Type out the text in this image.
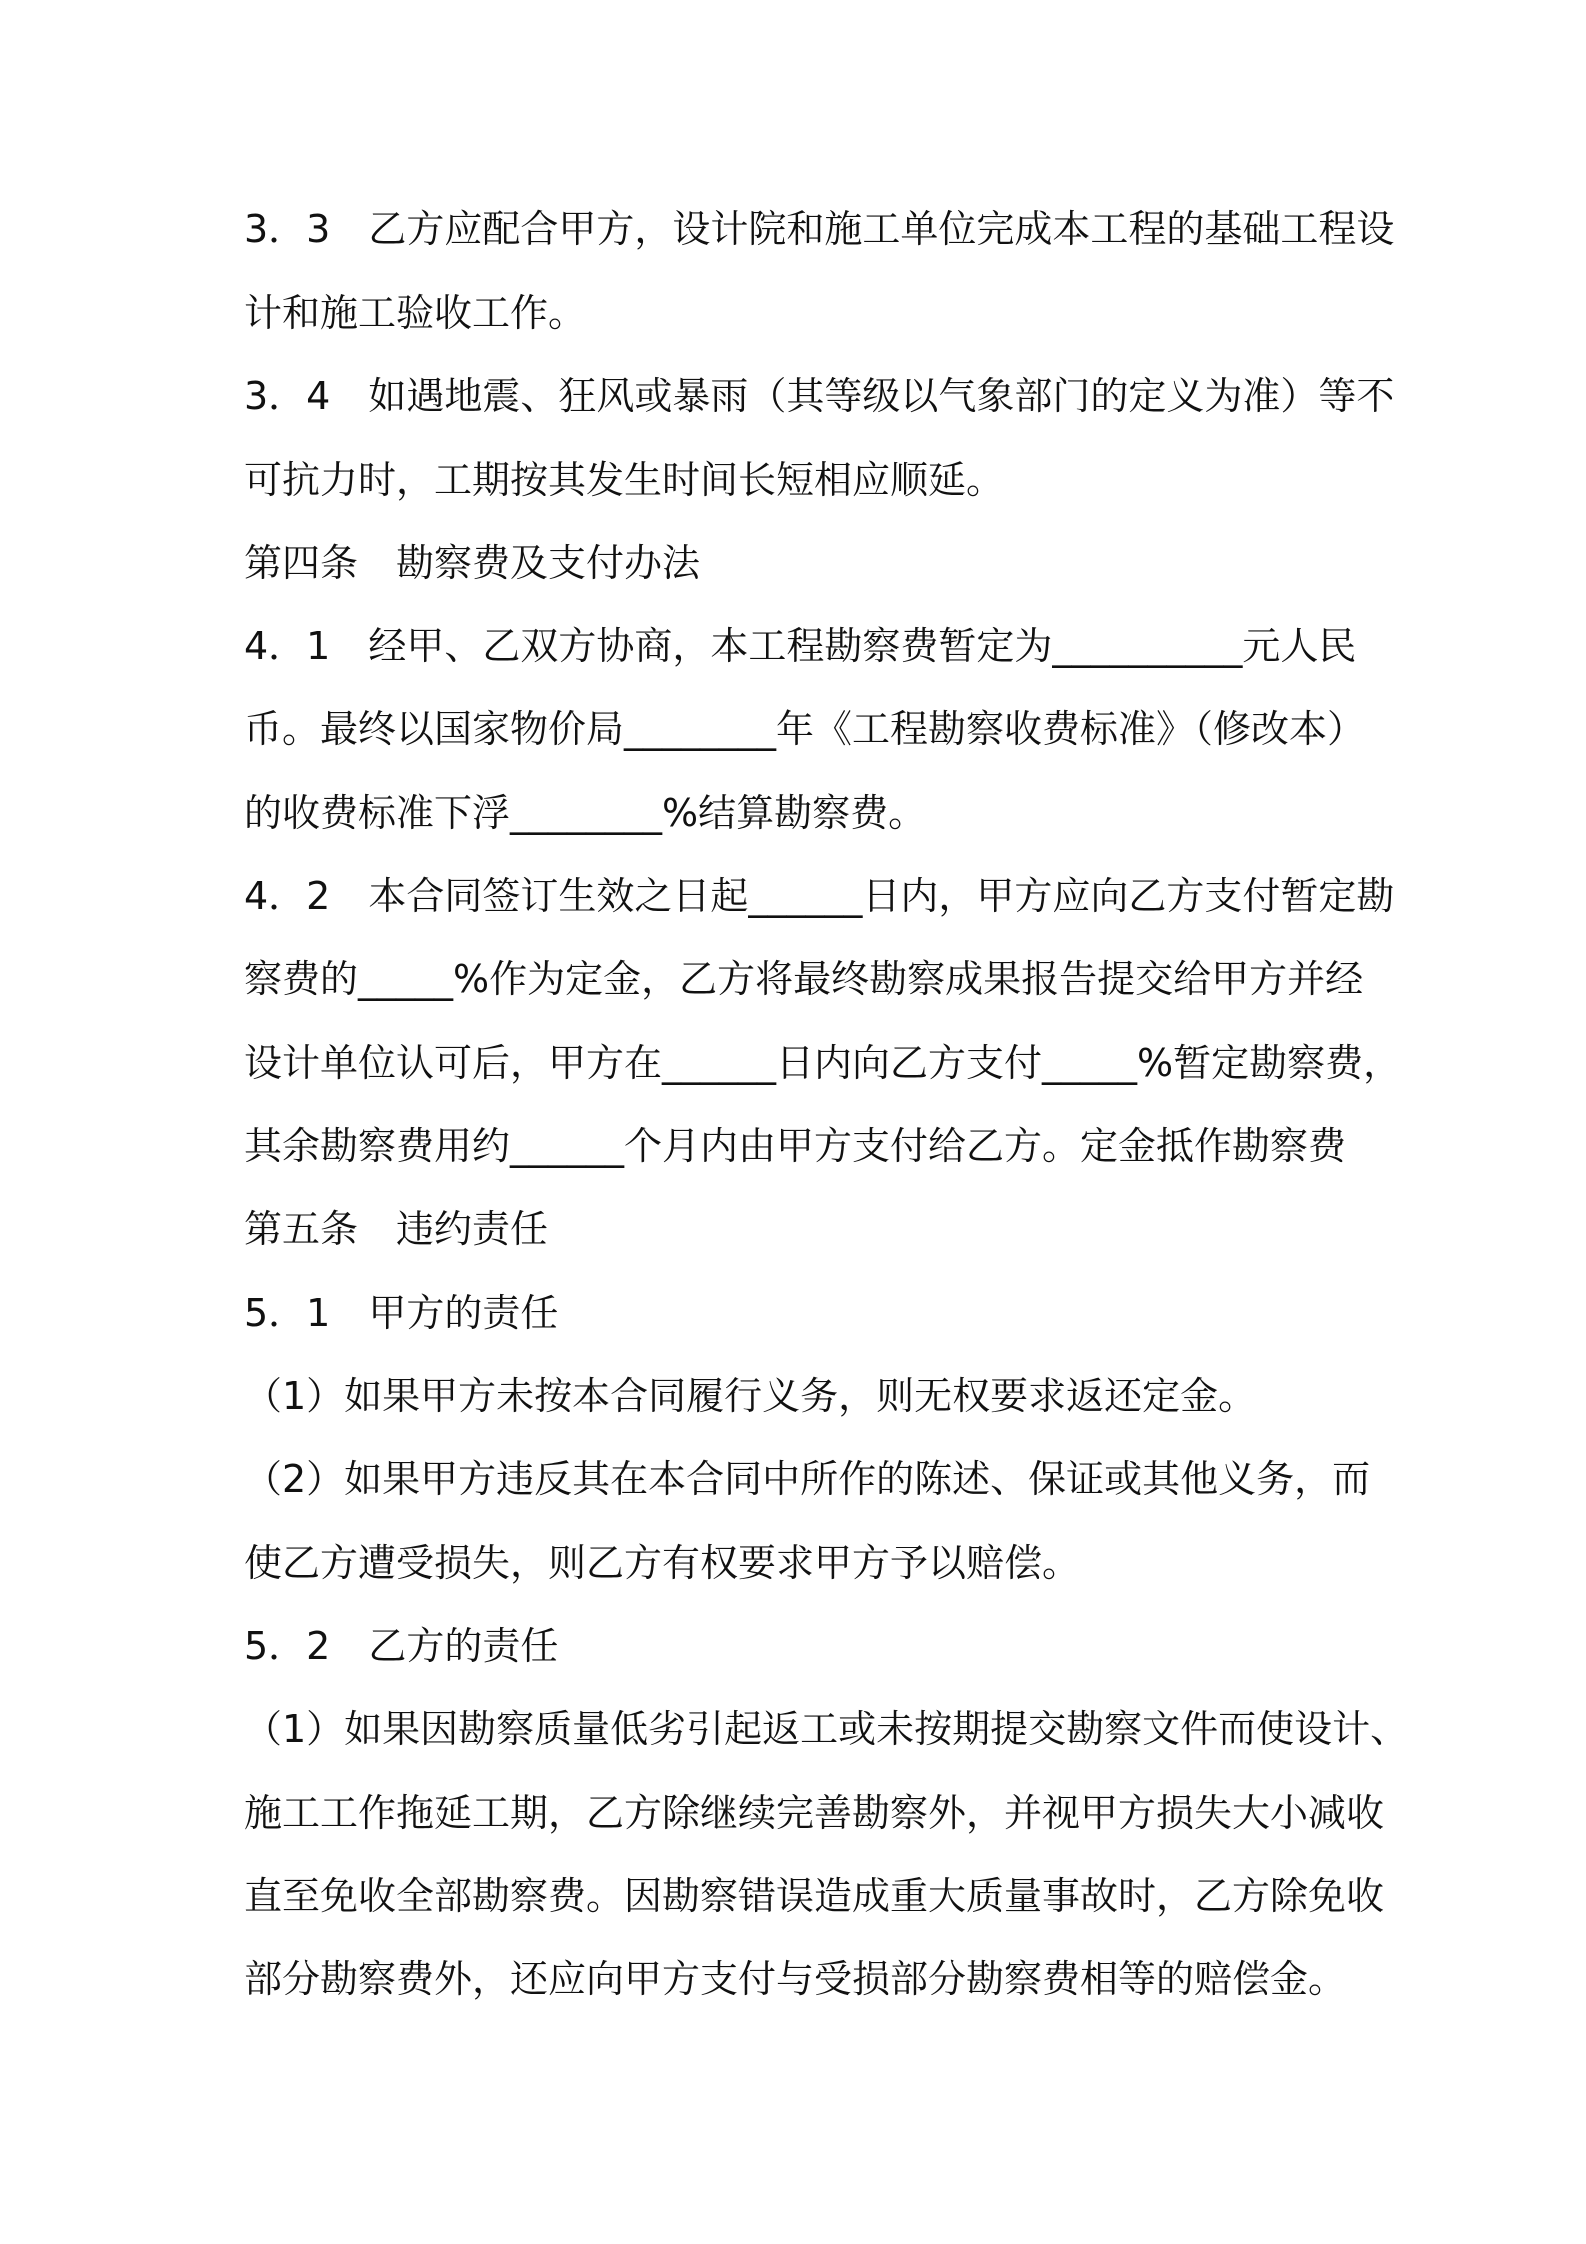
3．3　乙方应配合甲方，设计院和施工单位完成本工程的基础工程设
计和施工验收工作。
3．4　如遇地震、狂风或暴雨（其等级以气象部门的定义为准）等不
可抗力时，工期按其发生时间长短相应顺延。
第四条　勘察费及支付办法
4．1　经甲、乙双方协商，本工程勘察费暂定为__________元人民
币。最终以国家物价局________年《工程勘察收费标准》（修改本）
的收费标准下浮________%结算勘察费。
4．2　本合同签订生效之日起______日内，甲方应向乙方支付暂定勘
察费的_____%作为定金，乙方将最终勘察成果报告提交给甲方并经
设计单位认可后，甲方在______日内向乙方支付_____%暂定勘察费，
其余勘察费用约______个月内由甲方支付给乙方。定金抵作勘察费
第五条　违约责任
5．1　甲方的责任
（1）如果甲方未按本合同履行义务，则无权要求返还定金。
（2）如果甲方违反其在本合同中所作的陈述、保证或其他义务，而
使乙方遭受损失，则乙方有权要求甲方予以赔偿。
5．2　乙方的责任
（1）如果因勘察质量低劣引起返工或未按期提交勘察文件而使设计、
施工工作拖延工期，乙方除继续完善勘察外，并视甲方损失大小减收
直至免收全部勘察费。因勘察错误造成重大质量事故时，乙方除免收
部分勘察费外，还应向甲方支付与受损部分勘察费相等的赔偿金。
